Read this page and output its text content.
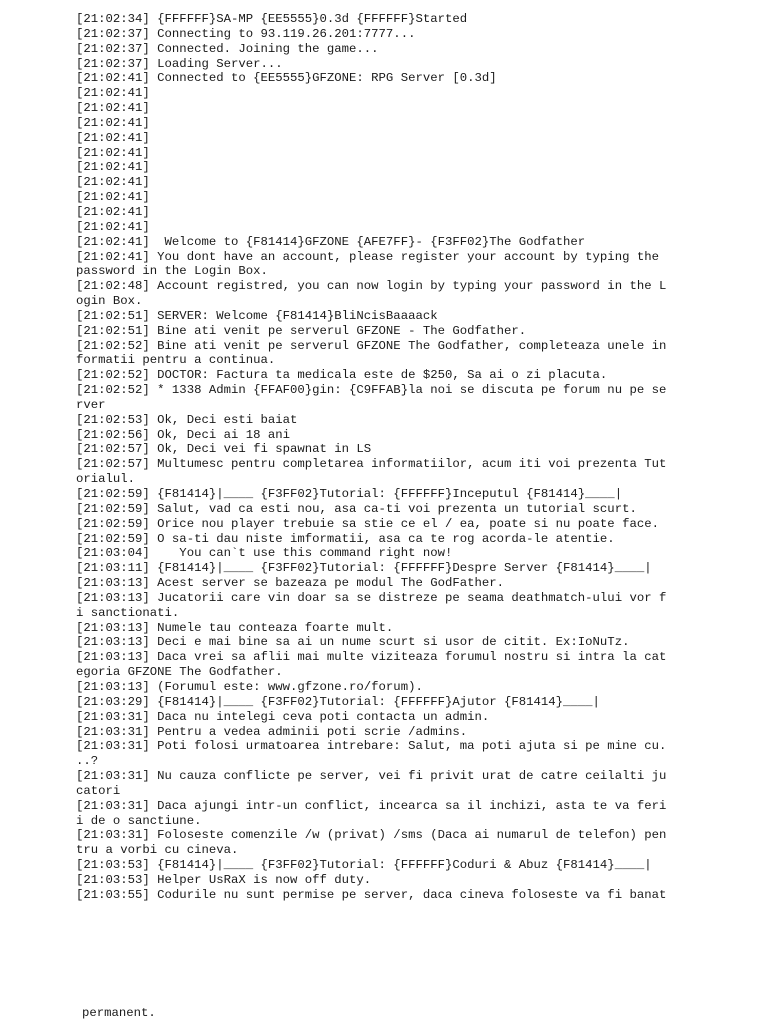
[21:02:34] {FFFFFF}SA-MP {EE5555}0.3d {FFFFFF}Started
[21:02:37] Connecting to 93.119.26.201:7777...
[21:02:37] Connected. Joining the game...
[21:02:37] Loading Server...
[21:02:41] Connected to {EE5555}GFZONE: RPG Server [0.3d]
[21:02:41]
[21:02:41]
[21:02:41]
[21:02:41]
[21:02:41]
[21:02:41]
[21:02:41]
[21:02:41]
[21:02:41]
[21:02:41]
[21:02:41]  Welcome to {F81414}GFZONE {AFE7FF}- {F3FF02}The Godfather
[21:02:41] You dont have an account, please register your account by typing the
password in the Login Box.
[21:02:48] Account registred, you can now login by typing your password in the L
ogin Box.
[21:02:51] SERVER: Welcome {F81414}BliNcisBaaaack
[21:02:51] Bine ati venit pe serverul GFZONE - The Godfather.
[21:02:52] Bine ati venit pe serverul GFZONE The Godfather, completeaza unele in
formatii pentru a continua.
[21:02:52] DOCTOR: Factura ta medicala este de $250, Sa ai o zi placuta.
[21:02:52] * 1338 Admin {FFAF00}gin: {C9FFAB}la noi se discuta pe forum nu pe se
rver
[21:02:53] Ok, Deci esti baiat
[21:02:56] Ok, Deci ai 18 ani
[21:02:57] Ok, Deci vei fi spawnat in LS
[21:02:57] Multumesc pentru completarea informatiilor, acum iti voi prezenta Tut
orialul.
[21:02:59] {F81414}|____ {F3FF02}Tutorial: {FFFFFF}Inceputul {F81414}____|
[21:02:59] Salut, vad ca esti nou, asa ca-ti voi prezenta un tutorial scurt.
[21:02:59] Orice nou player trebuie sa stie ce el / ea, poate si nu poate face.
[21:02:59] O sa-ti dau niste imformatii, asa ca te rog acorda-le atentie.
[21:03:04]    You can`t use this command right now!
[21:03:11] {F81414}|____ {F3FF02}Tutorial: {FFFFFF}Despre Server {F81414}____|
[21:03:13] Acest server se bazeaza pe modul The GodFather.
[21:03:13] Jucatorii care vin doar sa se distreze pe seama deathmatch-ului vor f
i sanctionati.
[21:03:13] Numele tau conteaza foarte mult.
[21:03:13] Deci e mai bine sa ai un nume scurt si usor de citit. Ex:IoNuTz.
[21:03:13] Daca vrei sa aflii mai multe viziteaza forumul nostru si intra la cat
egoria GFZONE The Godfather.
[21:03:13] (Forumul este: www.gfzone.ro/forum).
[21:03:29] {F81414}|____ {F3FF02}Tutorial: {FFFFFF}Ajutor {F81414}____|
[21:03:31] Daca nu intelegi ceva poti contacta un admin.
[21:03:31] Pentru a vedea adminii poti scrie /admins.
[21:03:31] Poti folosi urmatoarea intrebare: Salut, ma poti ajuta si pe mine cu.
..?
[21:03:31] Nu cauza conflicte pe server, vei fi privit urat de catre ceilalti ju
catori
[21:03:31] Daca ajungi intr-un conflict, incearca sa il inchizi, asta te va feri
i de o sanctiune.
[21:03:31] Foloseste comenzile /w (privat) /sms (Daca ai numarul de telefon) pen
tru a vorbi cu cineva.
[21:03:53] {F81414}|____ {F3FF02}Tutorial: {FFFFFF}Coduri & Abuz {F81414}____|
[21:03:53] Helper UsRaX is now off duty.
[21:03:55] Codurile nu sunt permise pe server, daca cineva foloseste va fi banat
permanent.
